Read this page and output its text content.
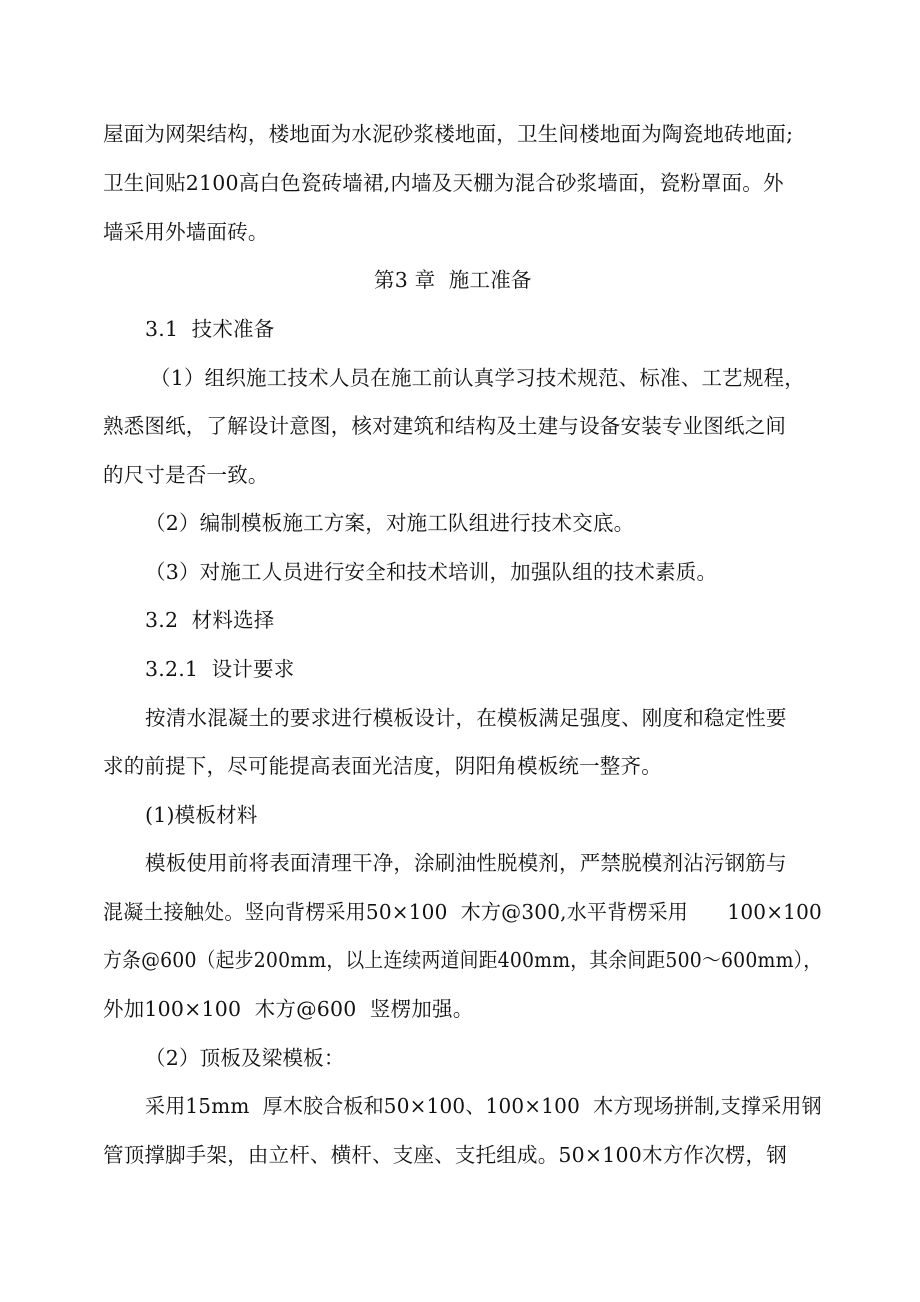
屋面为网架结构，楼地面为水泥砂浆楼地面，卫生间楼地面为陶瓷地砖地面;
卫生间贴2100高白色瓷砖墙裙,内墙及天棚为混合砂浆墙面，瓷粉罩面。外
墙采用外墙面砖。
第3 章  施工准备
3.1  技术准备
（1）组织施工技术人员在施工前认真学习技术规范、标准、工艺规程，
熟悉图纸，了解设计意图，核对建筑和结构及土建与设备安装专业图纸之间
的尺寸是否一致。
（2）编制模板施工方案，对施工队组进行技术交底。
（3）对施工人员进行安全和技术培训，加强队组的技术素质。
3.2  材料选择
3.2.1  设计要求
按清水混凝土的要求进行模板设计，在模板满足强度、刚度和稳定性要
求的前提下，尽可能提高表面光洁度，阴阳角模板统一整齐。
(1)模板材料
模板使用前将表面清理干净，涂刷油性脱模剂，严禁脱模剂沾污钢筋与
混凝土接触处。竖向背楞采用50×100  木方@300,水平背楞采用      100×100
方条@600（起步200mm，以上连续两道间距400mm，其余间距500～600mm），
外加100×100  木方@600  竖楞加强。
（2）顶板及梁模板：
采用15mm  厚木胶合板和50×100、100×100  木方现场拼制,支撑采用钢
管顶撑脚手架，由立杆、横杆、支座、支托组成。50×100木方作次楞，钢
